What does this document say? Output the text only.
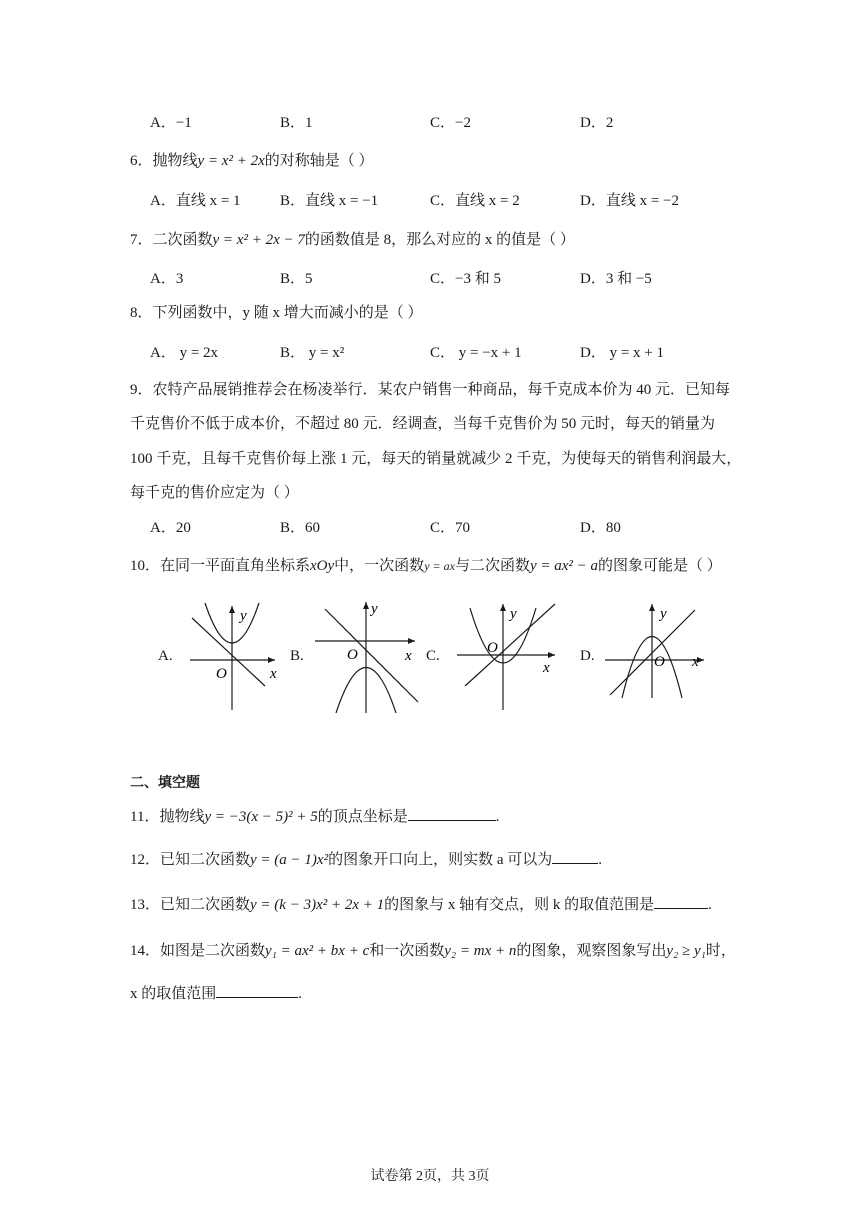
A．−1	B．1	C．−2	D．2
6．抛物线y = x² + 2x的对称轴是（ ）
A．直线 x = 1	B．直线 x = −1	C．直线 x = 2	D．直线 x = −2
7．二次函数y = x² + 2x − 7的函数值是 8，那么对应的 x 的值是（ ）
A．3	B．5	C．−3 和 5	D．3 和 −5
8．下列函数中，y 随 x 增大而减小的是（ ）
A． y = 2x	B． y = x²	C． y = −x + 1	D． y = x + 1
9．农特产品展销推荐会在杨凌举行．某农户销售一种商品，每千克成本价为 40 元．已知每
千克售价不低于成本价，不超过 80 元．经调查，当每千克售价为 50 元时，每天的销量为
100 千克，且每千克售价每上涨 1 元，每天的销量就减少 2 千克，为使每天的销售利润最大，
每千克的售价应定为（ ）
A．20	B．60	C．70	D．80
10．在同一平面直角坐标系xOy中，一次函数y = ax与二次函数y = ax² − a的图象可能是（ ）
A.	B.	C.	D.
y
x
O
y
x
O
y
x
O
y
x
O
二、填空题
11．抛物线y = −3(x − 5)² + 5的顶点坐标是	.
12．已知二次函数y = (a − 1)x²的图象开口向上，则实数 a 可以为	.
13．已知二次函数y = (k − 3)x² + 2x + 1的图象与 x 轴有交点，则 k 的取值范围是	.
14．如图是二次函数y₁ = ax² + bx + c和一次函数y₂ = mx + n的图象，观察图象写出y₂ ≥ y₁时，
x 的取值范围	.
试卷第 2页，共 3页
